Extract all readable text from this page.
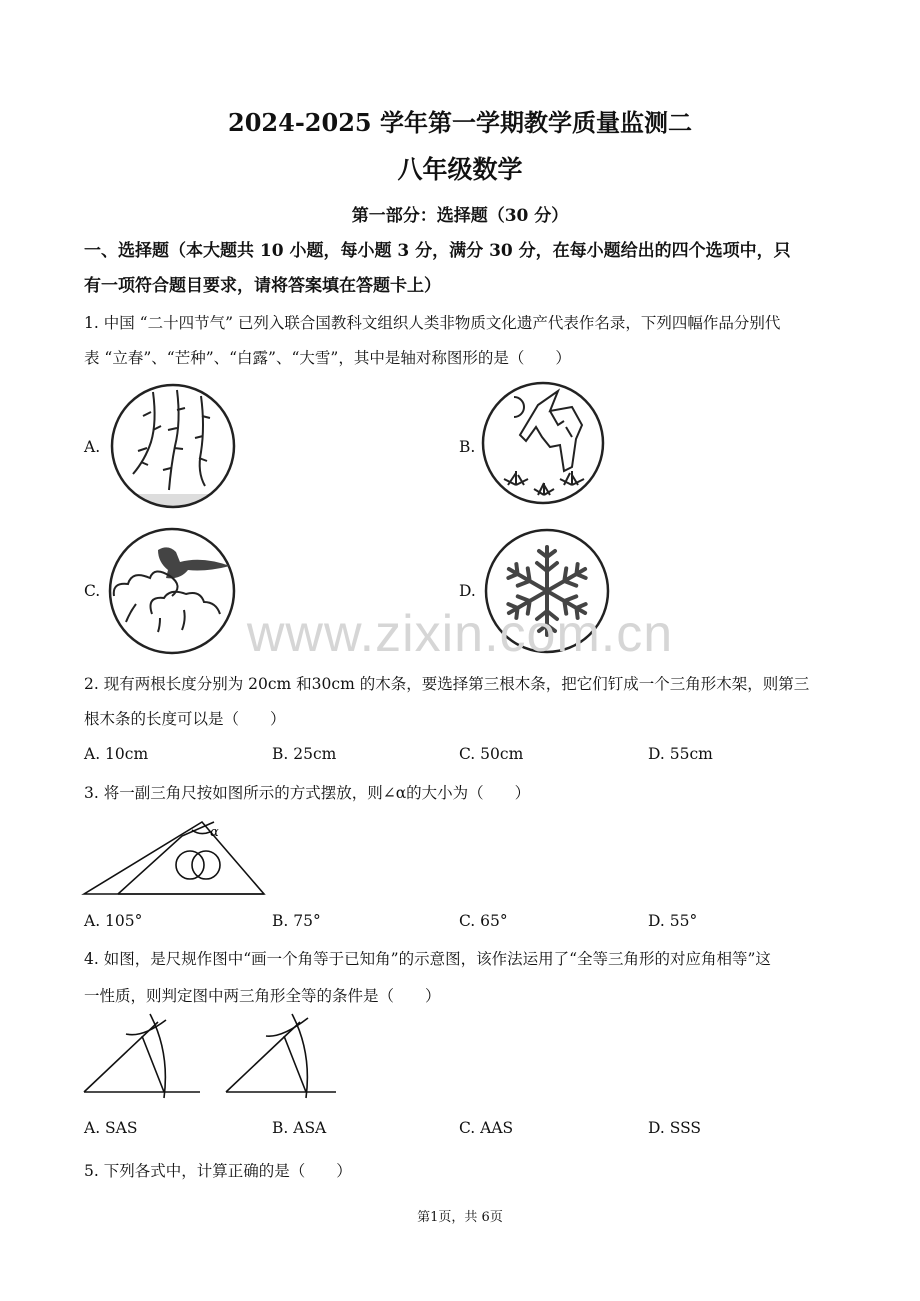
2024-2025 学年第一学期教学质量监测二
八年级数学
第一部分：选择题（30 分）
一、选择题（本大题共 10 小题，每小题 3 分，满分 30 分，在每小题给出的四个选项中，只
有一项符合题目要求，请将答案填在答题卡上）
1. 中国 “二十四节气” 已列入联合国教科文组织人类非物质文化遗产代表作名录，下列四幅作品分别代
表 “立春”、“芒种”、“白露”、“大雪”，其中是轴对称图形的是（　　）
A.	B.
C.	D.
www.zixin.com.cn
2. 现有两根长度分别为 20cm 和30cm 的木条，要选择第三根木条，把它们钉成一个三角形木架，则第三
根木条的长度可以是（　　）
A. 10cm	B. 25cm	C. 50cm	D. 55cm
3. 将一副三角尺按如图所示的方式摆放，则∠α的大小为（　　）
α
A. 105°	B. 75°	C. 65°	D. 55°
4. 如图，是尺规作图中“画一个角等于已知角”的示意图，该作法运用了“全等三角形的对应角相等”这
一性质，则判定图中两三角形全等的条件是（　　）
A. SAS	B. ASA	C. AAS	D. SSS
5. 下列各式中，计算正确的是（　　）
第1页，共 6页
